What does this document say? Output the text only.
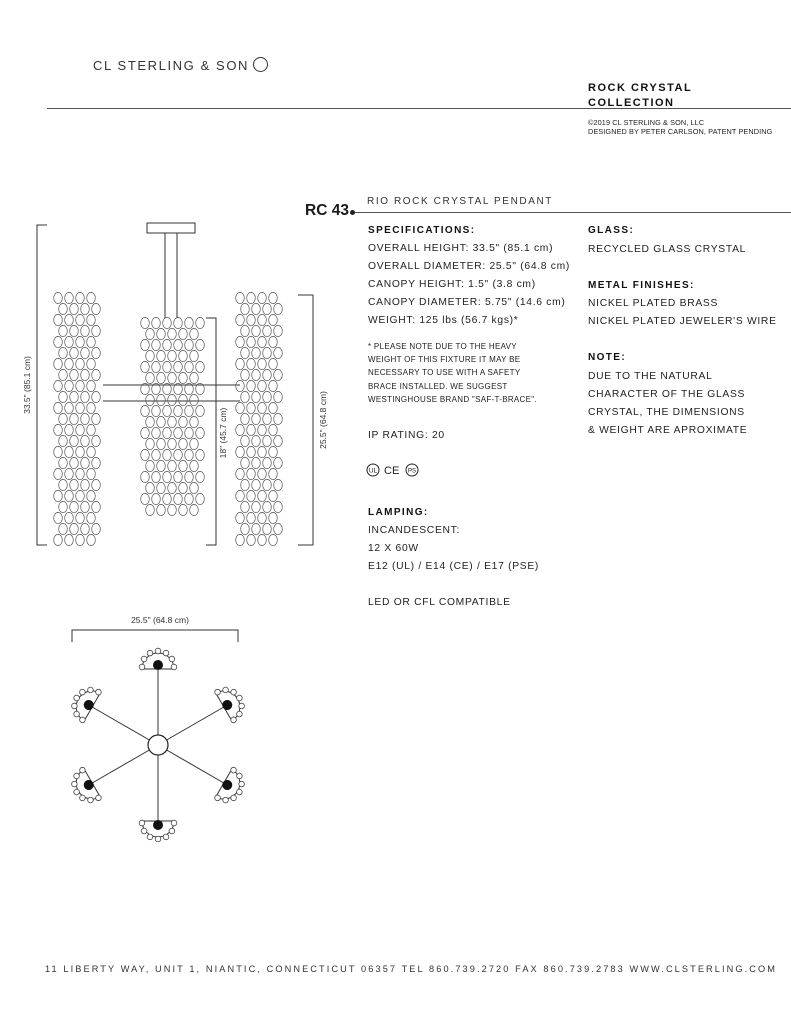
CL STERLING & SON
ROCK CRYSTAL
COLLECTION
©2019 CL STERLING & SON, LLC
DESIGNED BY PETER CARLSON, PATENT PENDING
RC 43
RIO ROCK CRYSTAL PENDANT
SPECIFICATIONS:
OVERALL HEIGHT: 33.5" (85.1 cm)
OVERALL DIAMETER: 25.5" (64.8 cm)
CANOPY HEIGHT: 1.5" (3.8 cm)
CANOPY DIAMETER: 5.75" (14.6 cm)
WEIGHT: 125 lbs (56.7 kgs)*
* PLEASE NOTE DUE TO THE HEAVY
WEIGHT OF THIS FIXTURE IT MAY BE
NECESSARY TO USE WITH A SAFETY
BRACE INSTALLED. WE SUGGEST
WESTINGHOUSE BRAND "SAF-T-BRACE".
IP RATING: 20
UL CE PS
LAMPING:
INCANDESCENT:
12 X 60W
E12 (UL) / E14 (CE) / E17 (PSE)
LED OR CFL COMPATIBLE
GLASS:
RECYCLED GLASS CRYSTAL
METAL FINISHES:
NICKEL PLATED BRASS
NICKEL PLATED JEWELER'S WIRE
NOTE:
DUE TO THE NATURAL
CHARACTER OF THE GLASS
CRYSTAL, THE DIMENSIONS
& WEIGHT ARE APROXIMATE
33.5" (85.1 cm)
25.5" (64.8 cm)
18" (45.7 cm)
25.5" (64.8 cm)
11 LIBERTY WAY, UNIT 1, NIANTIC, CONNECTICUT 06357 TEL 860.739.2720 FAX 860.739.2783 WWW.CLSTERLING.COM
